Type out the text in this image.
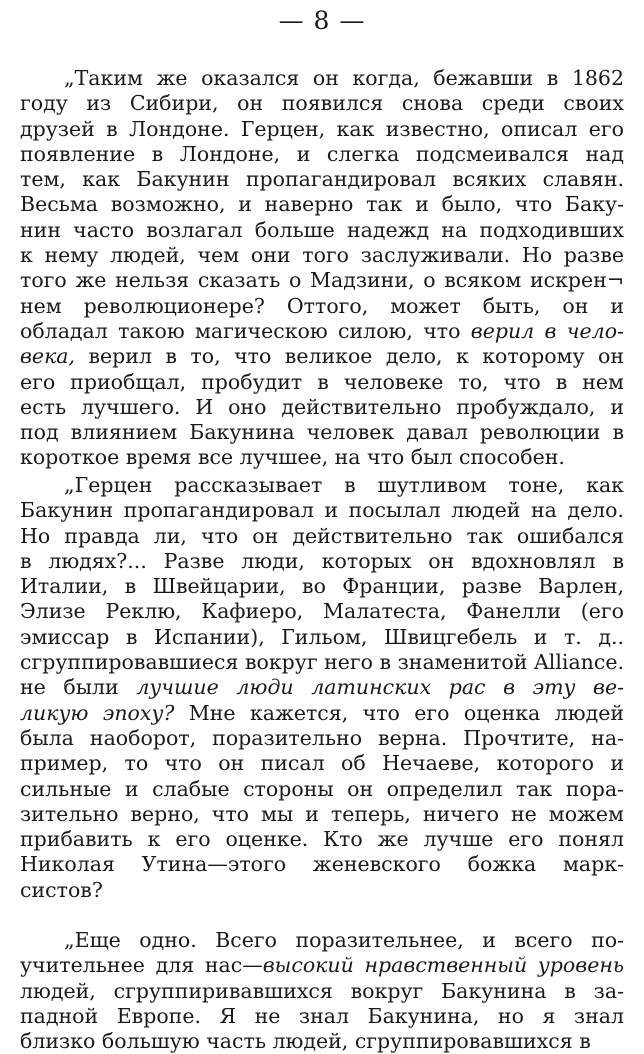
— 8 —
„Таким же оказался он когда, бежавши в 1862
году из Сибири, он появился снова среди своих
друзей в Лондоне. Герцен, как известно, описал его
появление в Лондоне, и слегка подсмеивался над
тем, как Бакунин пропагандировал всяких славян.
Весьма возможно, и наверно так и было, что Баку-
нин часто возлагал больше надежд на подходивших
к нему людей, чем они того заслуживали. Но разве
того же нельзя сказать о Мадзини, о всяком искрен¬
нем революционере? Оттого, может быть, он и
обладал такою магическою силою, что верил в чело-
века, верил в то, что великое дело, к которому он
его приобщал, пробудит в человеке то, что в нем
есть лучшего. И оно действительно пробуждало, и
под влиянием Бакунина человек давал революции в
короткое время все лучшее, на что был способен.
„Герцен рассказывает в шутливом тоне, как
Бакунин пропагандировал и посылал людей на дело.
Но правда ли, что он действительно так ошибался
в людях?... Разве люди, которых он вдохновлял в
Италии, в Швейцарии, во Франции, разве Варлен,
Элизе Реклю, Кафиеро, Малатеста, Фанелли (его
эмиссар в Испании), Гильом, Швицгебель и т. д..
сгруппировавшиеся вокруг него в знаменитой Alliance.
не были лучшие люди латинских рас в эту ве-
ликую эпоху? Мне кажется, что его оценка людей
была наоборот, поразительно верна. Прочтите, на-
пример, то что он писал об Нечаеве, которого и
сильные и слабые стороны он определил так пора-
зительно верно, что мы и теперь, ничего не можем
прибавить к его оценке. Кто же лучше его понял
Николая Утина—этого женевского божка марк-
систов?
„Еще одно. Всего поразительнее, и всего по-
учительнее для нас—высокий нравственный уровень
людей, сгруппиривавшихся вокруг Бакунина в за-
падной Европе. Я не знал Бакунина, но я знал
близко большую часть людей, сгруппировавшихся в
